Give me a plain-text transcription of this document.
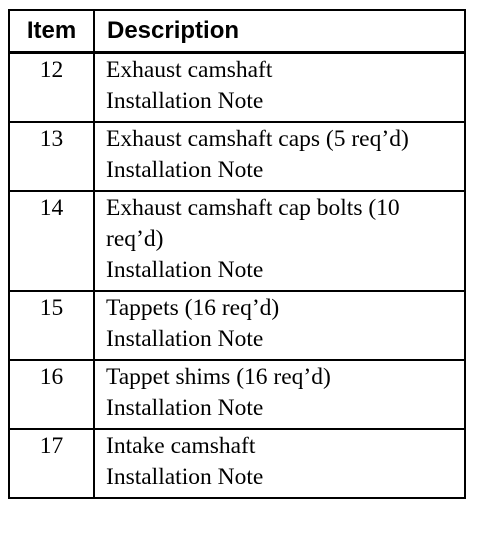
Item	Description
12	Exhaust camshaft
Installation Note

13	Exhaust camshaft caps (5 req’d)
Installation Note

14	Exhaust camshaft cap bolts (10 req’d)
Installation Note

15	Tappets (16 req’d)
Installation Note

16	Tappet shims (16 req’d)
Installation Note

17	Intake camshaft
Installation Note
